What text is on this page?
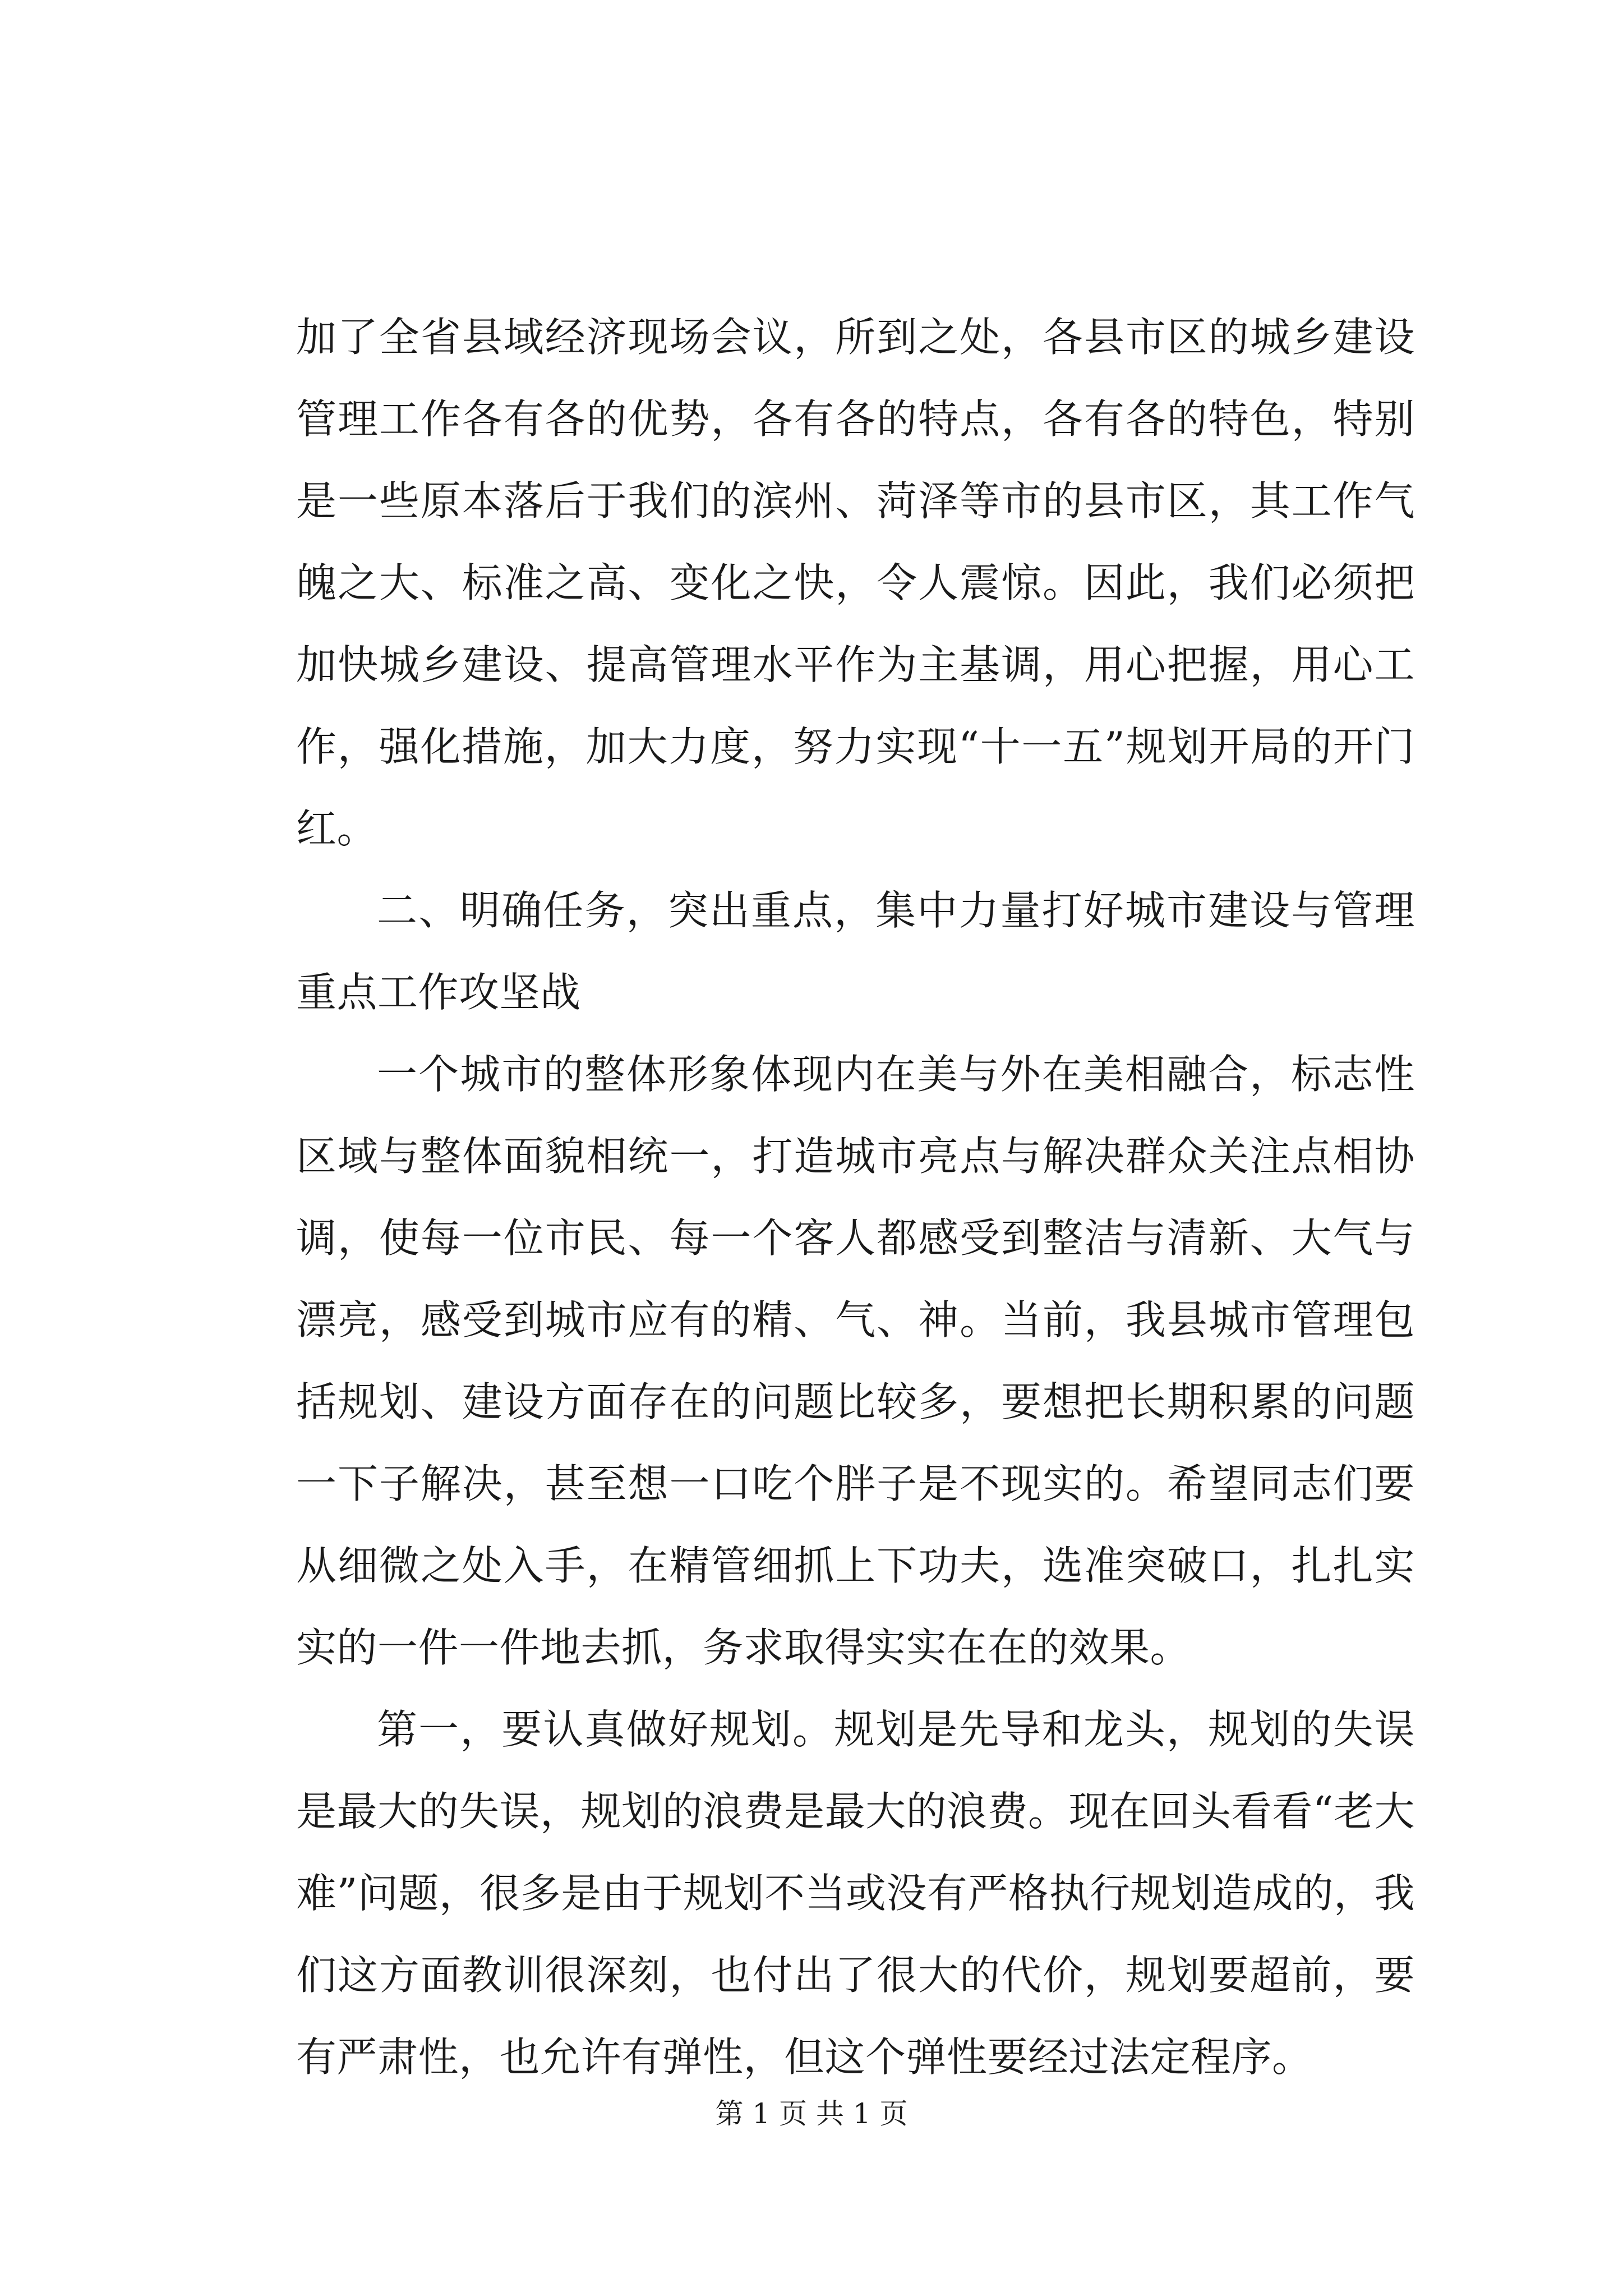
加了全省县域经济现场会议，所到之处，各县市区的城乡建设管理工作各有各的优势，各有各的特点，各有各的特色，特别是一些原本落后于我们的滨州、菏泽等市的县市区，其工作气魄之大、标准之高、变化之快，令人震惊。因此，我们必须把加快城乡建设、提高管理水平作为主基调，用心把握，用心工作，强化措施，加大力度，努力实现“十一五”规划开局的开门红。

二、明确任务，突出重点，集中力量打好城市建设与管理重点工作攻坚战

一个城市的整体形象体现内在美与外在美相融合，标志性区域与整体面貌相统一，打造城市亮点与解决群众关注点相协调，使每一位市民、每一个客人都感受到整洁与清新、大气与漂亮，感受到城市应有的精、气、神。当前，我县城市管理包括规划、建设方面存在的问题比较多，要想把长期积累的问题一下子解决，甚至想一口吃个胖子是不现实的。希望同志们要从细微之处入手，在精管细抓上下功夫，选准突破口，扎扎实实的一件一件地去抓，务求取得实实在在的效果。

第一，要认真做好规划。规划是先导和龙头，规划的失误是最大的失误，规划的浪费是最大的浪费。现在回头看看“老大难”问题，很多是由于规划不当或没有严格执行规划造成的，我们这方面教训很深刻，也付出了很大的代价，规划要超前，要有严肃性，也允许有弹性，但这个弹性要经过法定程序。

第 1 页 共 1 页
